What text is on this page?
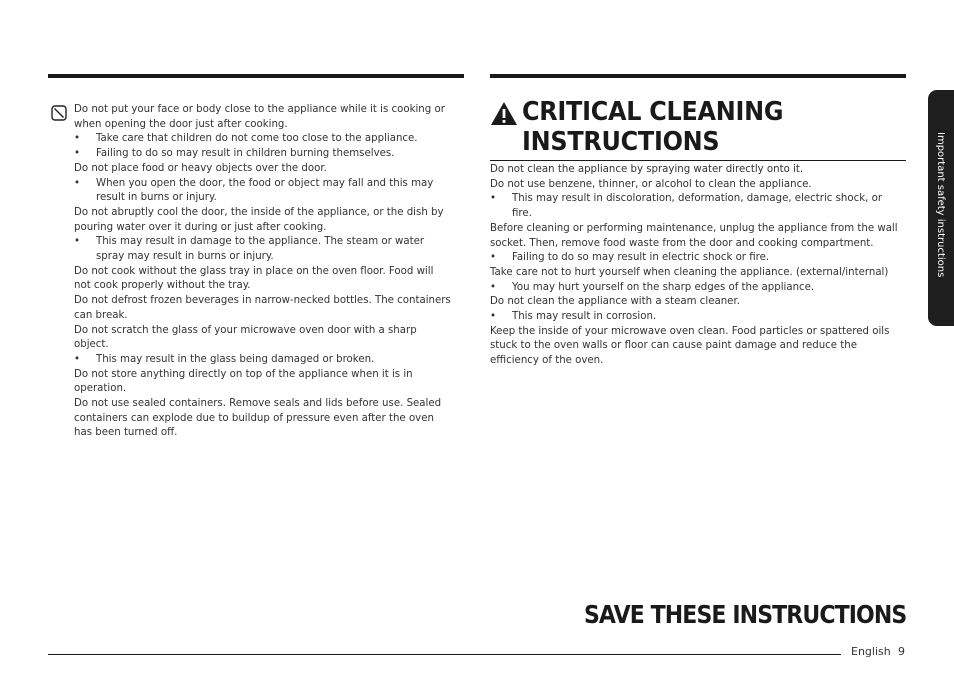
Do not put your face or body close to the appliance while it is cooking or when opening the door just after cooking.

• Take care that children do not come too close to the appliance.

• Failing to do so may result in children burning themselves.

Do not place food or heavy objects over the door.

• When you open the door, the food or object may fall and this may result in burns or injury.

Do not abruptly cool the door, the inside of the appliance, or the dish by pouring water over it during or just after cooking.

• This may result in damage to the appliance. The steam or water spray may result in burns or injury.

Do not cook without the glass tray in place on the oven floor. Food will not cook properly without the tray.

Do not defrost frozen beverages in narrow-necked bottles. The containers can break.

Do not scratch the glass of your microwave oven door with a sharp object.

• This may result in the glass being damaged or broken.

Do not store anything directly on top of the appliance when it is in operation.

Do not use sealed containers. Remove seals and lids before use. Sealed containers can explode due to buildup of pressure even after the oven has been turned off.

CRITICAL CLEANING INSTRUCTIONS

Do not clean the appliance by spraying water directly onto it.

Do not use benzene, thinner, or alcohol to clean the appliance.

• This may result in discoloration, deformation, damage, electric shock, or fire.

Before cleaning or performing maintenance, unplug the appliance from the wall socket. Then, remove food waste from the door and cooking compartment.

• Failing to do so may result in electric shock or fire.

Take care not to hurt yourself when cleaning the appliance. (external/internal)

• You may hurt yourself on the sharp edges of the appliance.

Do not clean the appliance with a steam cleaner.

• This may result in corrosion.

Keep the inside of your microwave oven clean. Food particles or spattered oils stuck to the oven walls or floor can cause paint damage and reduce the efficiency of the oven.

SAVE THESE INSTRUCTIONS
English 9
Important safety instructions
